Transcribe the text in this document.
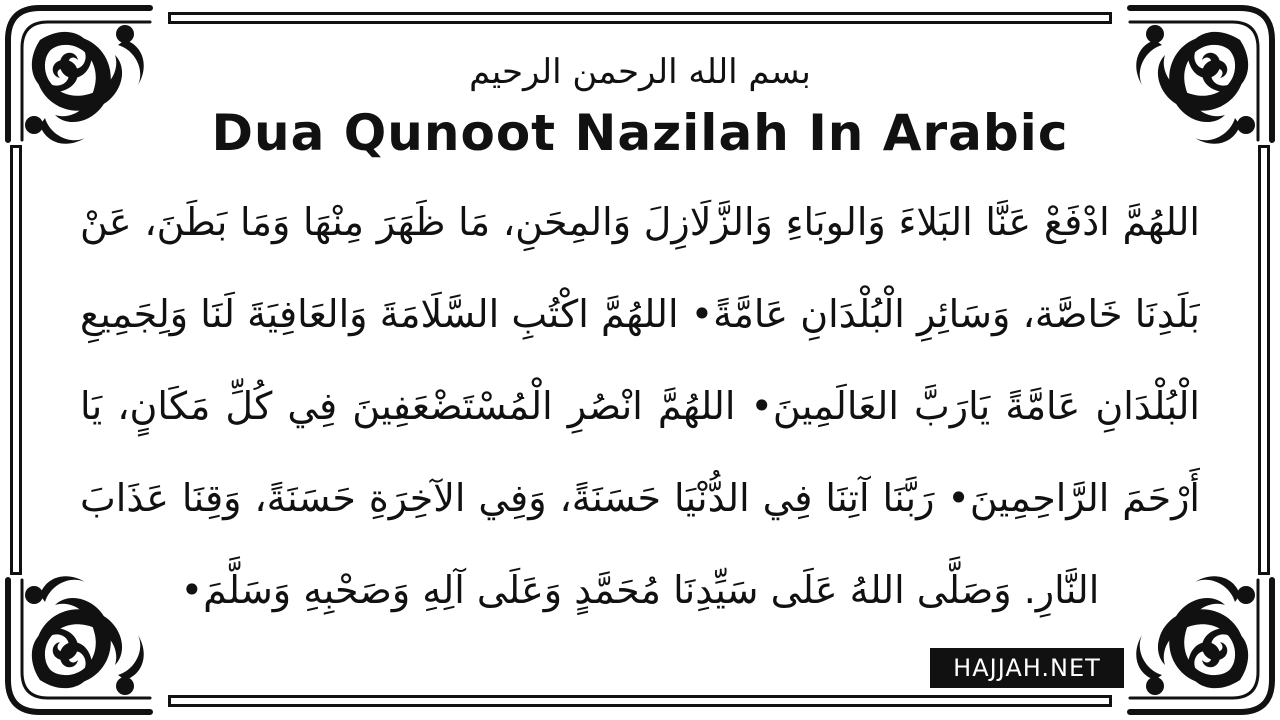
بسم الله الرحمن الرحيم
Dua Qunoot Nazilah In Arabic
اللهُمَّ ادْفَعْ عَنَّا البَلاءَ وَالوبَاءِ وَالزَّلَازِلَ وَالمِحَنِ، مَا ظَهَرَ مِنْهَا وَمَا بَطَنَ، عَنْ
بَلَدِنَا خَاصَّة، وَسَائِرِ الْبُلْدَانِ عَامَّةً• اللهُمَّ اكْتُبِ السَّلَامَةَ وَالعَافِيَةَ لَنَا وَلِجَمِيعِ
الْبُلْدَانِ عَامَّةً يَارَبَّ العَالَمِينَ• اللهُمَّ انْصُرِ الْمُسْتَضْعَفِينَ فِي كُلِّ مَكَانٍ، يَا
أَرْحَمَ الرَّاحِمِينَ• رَبَّنَا آتِنَا فِي الدُّنْيَا حَسَنَةً، وَفِي الآخِرَةِ حَسَنَةً، وَقِنَا عَذَابَ
النَّارِ. وَصَلَّى اللهُ عَلَى سَيِّدِنَا مُحَمَّدٍ وَعَلَى آلِهِ وَصَحْبِهِ وَسَلَّمَ•
HAJJAH.NET
